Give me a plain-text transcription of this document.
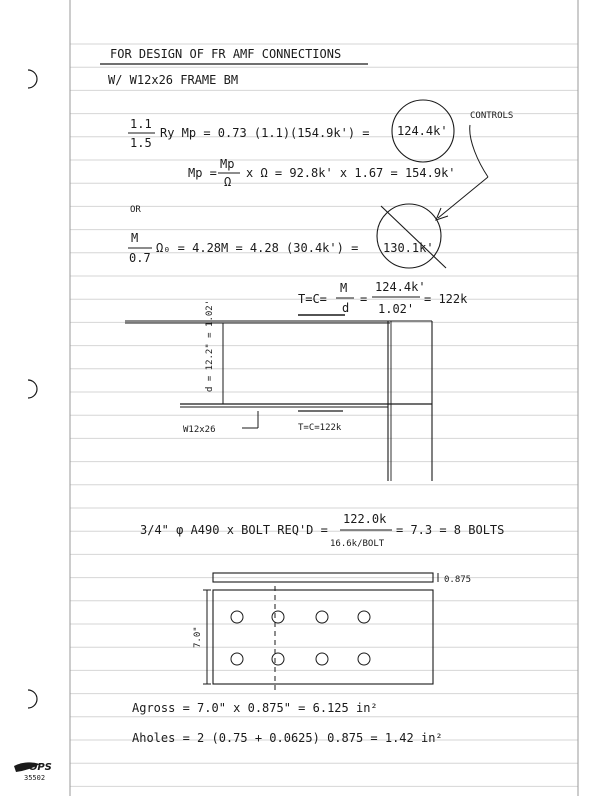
FOR DESIGN OF FR AMF CONNECTIONS
W/ W12x26 FRAME BM
1.1
1.5
Ry Mp = 0.73 (1.1)(154.9k') = 124.4k'
CONTROLS
Mp =
Mp
Ω
x Ω = 92.8k' x 1.67 = 154.9k'
OR
M
0.7
Ω₀ = 4.28M = 4.28 (30.4k') = 130.1k'
T=C=
M
d
=
124.4k'
1.02'
= 122k
d = 12.2" = 1.02'
W12x26	T=C=122k
3/4" φ A490 x BOLT REQ'D =
122.0k
16.6k/BOLT
= 7.3 = 8 BOLTS
0.875
7.0"
Agross = 7.0" x 0.875" = 6.125 in²
Aholes = 2 (0.75 + 0.0625) 0.875 = 1.42 in²
TOPS
35502
